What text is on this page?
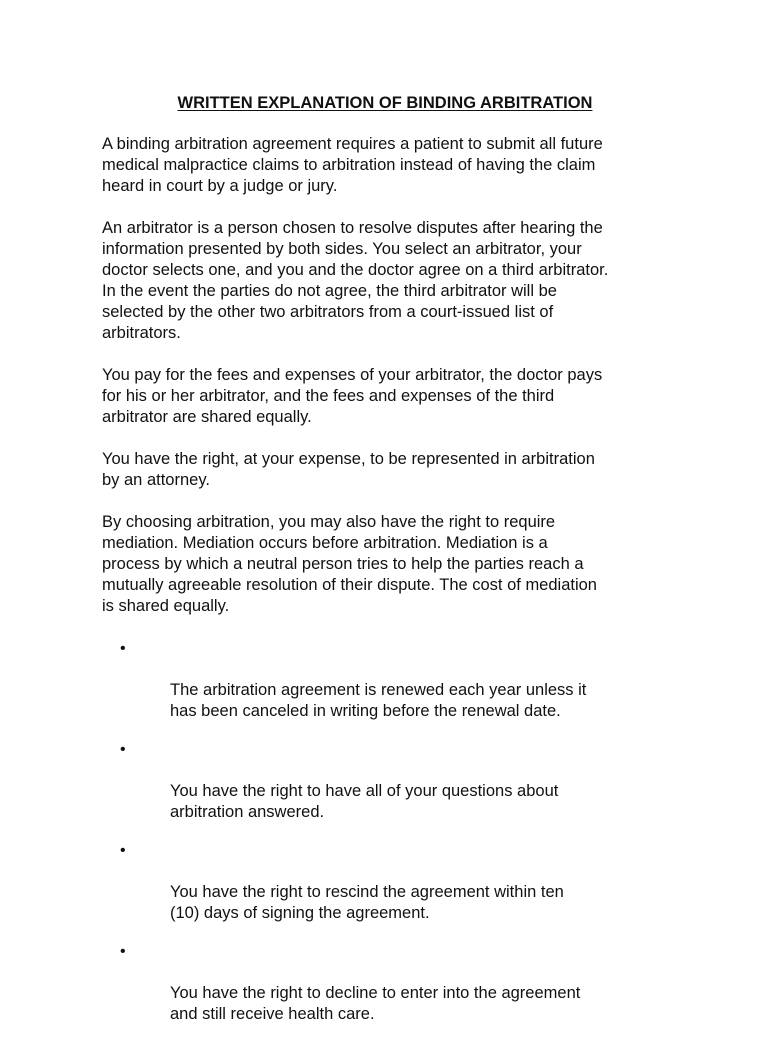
WRITTEN EXPLANATION OF BINDING ARBITRATION

A binding arbitration agreement requires a patient to submit all future
medical malpractice claims to arbitration instead of having the claim
heard in court by a judge or jury.

An arbitrator is a person chosen to resolve disputes after hearing the
information presented by both sides. You select an arbitrator, your
doctor selects one, and you and the doctor agree on a third arbitrator.
In the event the parties do not agree, the third arbitrator will be
selected by the other two arbitrators from a court-issued list of
arbitrators.

You pay for the fees and expenses of your arbitrator, the doctor pays
for his or her arbitrator, and the fees and expenses of the third
arbitrator are shared equally.

You have the right, at your expense, to be represented in arbitration
by an attorney.

By choosing arbitration, you may also have the right to require
mediation. Mediation occurs before arbitration. Mediation is a
process by which a neutral person tries to help the parties reach a
mutually agreeable resolution of their dispute. The cost of mediation
is shared equally.

•

The arbitration agreement is renewed each year unless it
has been canceled in writing before the renewal date.

•

You have the right to have all of your questions about
arbitration answered.

•

You have the right to rescind the agreement within ten
(10) days of signing the agreement.

•

You have the right to decline to enter into the agreement
and still receive health care.
